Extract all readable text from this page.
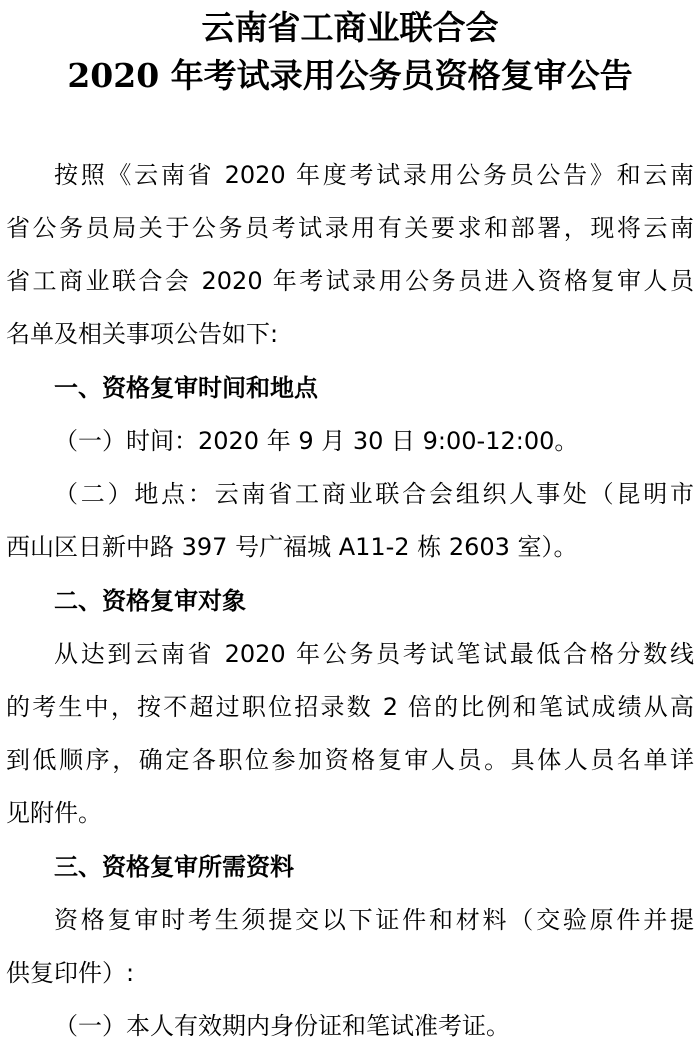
云南省工商业联合会
2020 年考试录用公务员资格复审公告
按照《云南省 2020 年度考试录用公务员公告》和云南
省公务员局关于公务员考试录用有关要求和部署，现将云南
省工商业联合会 2020 年考试录用公务员进入资格复审人员
名单及相关事项公告如下:
一、资格复审时间和地点
（一）时间：2020 年 9 月 30 日 9:00-12:00。
（二）地点：云南省工商业联合会组织人事处（昆明市
西山区日新中路 397 号广福城 A11-2 栋 2603 室）。
二、资格复审对象
从达到云南省 2020 年公务员考试笔试最低合格分数线
的考生中，按不超过职位招录数 2 倍的比例和笔试成绩从高
到低顺序，确定各职位参加资格复审人员。具体人员名单详
见附件。
三、资格复审所需资料
资格复审时考生须提交以下证件和材料（交验原件并提
供复印件）:
（一）本人有效期内身份证和笔试准考证。
